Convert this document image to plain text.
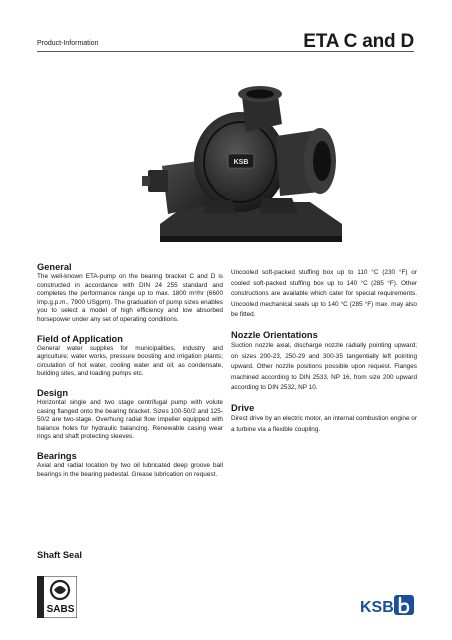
Product-Information	ETA C and D
KSB
General

The well-known ETA-pump on the bearing bracket C and D is constructed in accordance with DIN 24 255 standard and completes the performance range up to max. 1800 m³/hr (6600 Imp.g.p.m., 7900 USgpm). The graduation of pump sizes enables you to select a model of high efficiency and low absorbed horsepower under any set of operating conditions.

Field of Application

General water supplies for municipalities, industry and agriculture; water works, pressure boosting and irrigation plants; circulation of hot water, cooling water and oil; as condensate, building sites, and loading pumps etc.

Design

Horizontal single and two stage centrifugal pump with volute casing flanged onto the bearing bracket. Sizes 100-50/2 and 125-50/2 are two-stage. Overhung radial flow impeller equipped with balance holes for hydraulic balancing. Renewable casing wear rings and shaft protecting sleeves.

Bearings

Axial and radial location by two oil lubricated deep groove ball bearings in the bearing pedestal. Grease lubrication on request.

Uncooled soft-packed stuffing box up to 110 °C (230 °F) or cooled soft-packed stuffing box up to 140 °C (285 °F). Other constructions are available which cater for special requirements. Uncooled mechanical seals up to 140 °C (285 °F) max. may also be fitted.

Nozzle Orientations

Suction nozzle axial, discharge nozzle radially pointing upward; on sizes 200-23, 250-29 and 300-35 tangentially left pointing upward. Other nozzle positions possible upon request. Flanges machined according to DIN 2533, NP 16, from size 200 upward according to DIN 2532, NP 10.

Drive

Direct drive by an electric motor, an internal combustion engine or a turbine via a flexible coupling.

Shaft Seal
SABS	KSB
